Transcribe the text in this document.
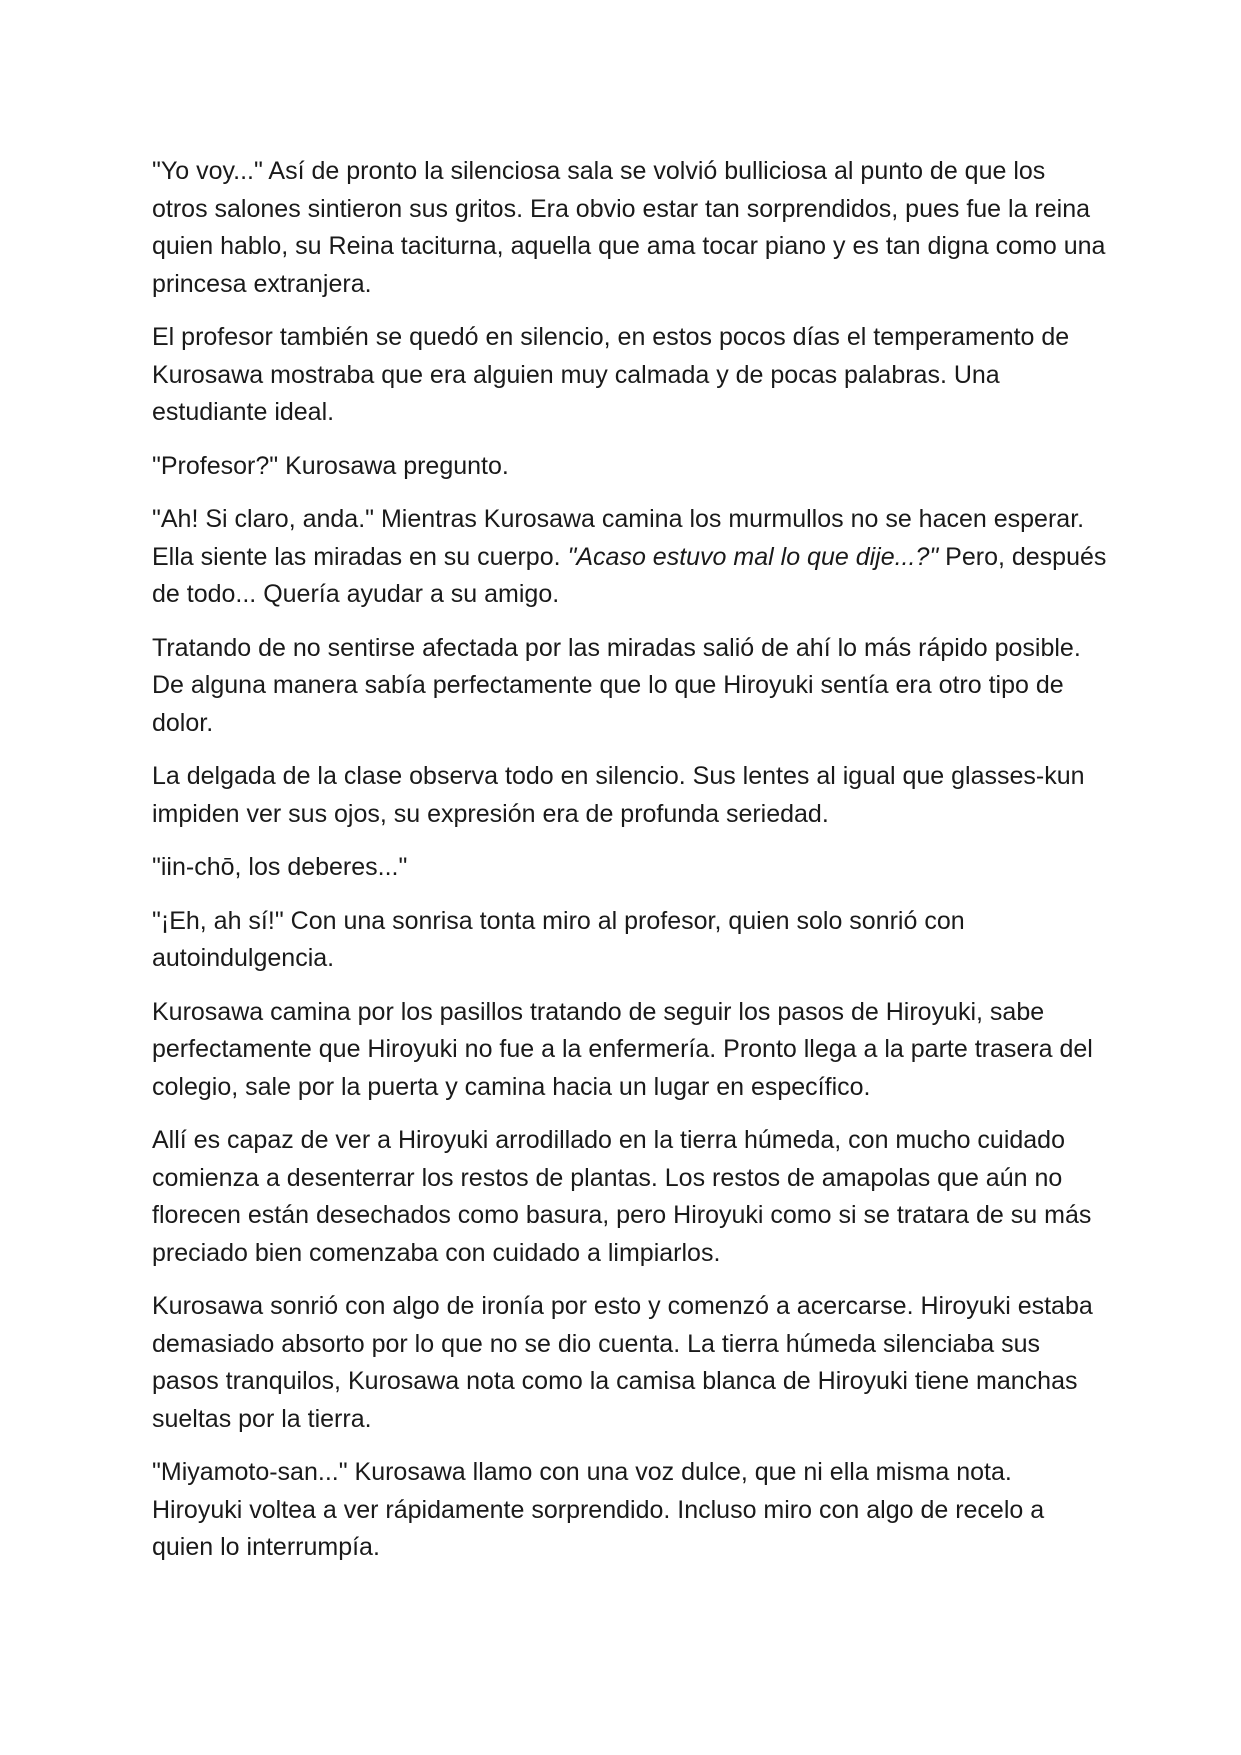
"Yo voy..." Así de pronto la silenciosa sala se volvió bulliciosa al punto de que los otros salones sintieron sus gritos. Era obvio estar tan sorprendidos, pues fue la reina quien hablo, su Reina taciturna, aquella que ama tocar piano y es tan digna como una princesa extranjera.

El profesor también se quedó en silencio, en estos pocos días el temperamento de Kurosawa mostraba que era alguien muy calmada y de pocas palabras. Una estudiante ideal.

"Profesor?" Kurosawa pregunto.

"Ah! Si claro, anda." Mientras Kurosawa camina los murmullos no se hacen esperar. Ella siente las miradas en su cuerpo. "Acaso estuvo mal lo que dije...?" Pero, después de todo... Quería ayudar a su amigo.

Tratando de no sentirse afectada por las miradas salió de ahí lo más rápido posible. De alguna manera sabía perfectamente que lo que Hiroyuki sentía era otro tipo de dolor.

La delgada de la clase observa todo en silencio. Sus lentes al igual que glasses-kun impiden ver sus ojos, su expresión era de profunda seriedad.

"iin-chō, los deberes..."

"¡Eh, ah sí!" Con una sonrisa tonta miro al profesor, quien solo sonrió con autoindulgencia.

Kurosawa camina por los pasillos tratando de seguir los pasos de Hiroyuki, sabe perfectamente que Hiroyuki no fue a la enfermería. Pronto llega a la parte trasera del colegio, sale por la puerta y camina hacia un lugar en específico.

Allí es capaz de ver a Hiroyuki arrodillado en la tierra húmeda, con mucho cuidado comienza a desenterrar los restos de plantas. Los restos de amapolas que aún no florecen están desechados como basura, pero Hiroyuki como si se tratara de su más preciado bien comenzaba con cuidado a limpiarlos.

Kurosawa sonrió con algo de ironía por esto y comenzó a acercarse. Hiroyuki estaba demasiado absorto por lo que no se dio cuenta. La tierra húmeda silenciaba sus pasos tranquilos, Kurosawa nota como la camisa blanca de Hiroyuki tiene manchas sueltas por la tierra.

"Miyamoto-san..." Kurosawa llamo con una voz dulce, que ni ella misma nota. Hiroyuki voltea a ver rápidamente sorprendido. Incluso miro con algo de recelo a quien lo interrumpía.
